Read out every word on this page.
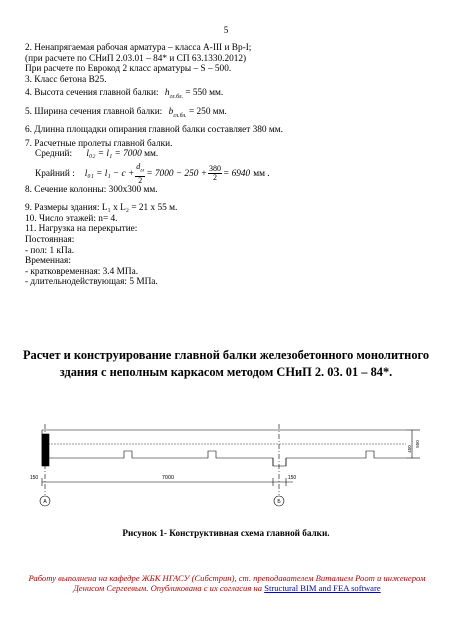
5
2. Ненапрягаемая рабочая арматура – класса А-III и Вр-I;
(при расчете по СНиП 2.03.01 – 84* и СП 63.1330.2012)
При расчете по Еврокод 2 класс арматуры – S – 500.
3. Класс бетона В25.
4. Высота сечения главной балки: $h_{гл.бл.} = 550$ мм.
5. Ширина сечения главной балки: $b_{гл.бл.} = 250$ мм.
6. Длинна площадки опирания главной балки составляет 380 мм.
7. Расчетные пролеты главной балки.
Средний: l₀₂ = l₁ = 7000 мм.
Крайний : $l_{01} = l_1 - c + \frac{d_{гл}}{2} = 7000 - 250 + \frac{380}{2} = 6940$ мм .
8. Сечение колонны: 300x300 мм.
9. Размеры здания: L₁ x L₂ = 21 x 55 м.
10. Число этажей: n= 4.
11. Нагрузка на перекрытие:
Постоянная:
- пол: 1 кПа.
Временная:
- кратковременная: 3.4 МПа.
- длительнодействующая: 5 МПа.
Расчет и конструирование главной балки железобетонного монолитного здания с неполным каркасом методом СНиП 2. 03. 01 – 84*.
7000
150	150
A	Б
450
550
Рисунок 1- Конструктивная схема главной балки.
Работу выполнена на кафедре ЖБК НГАСУ (Сибстрин), ст. преподавателем Виталием Роот и инженером Денисом Сергеевым. Опубликована с их согласия на Structural BIM and FEA software
